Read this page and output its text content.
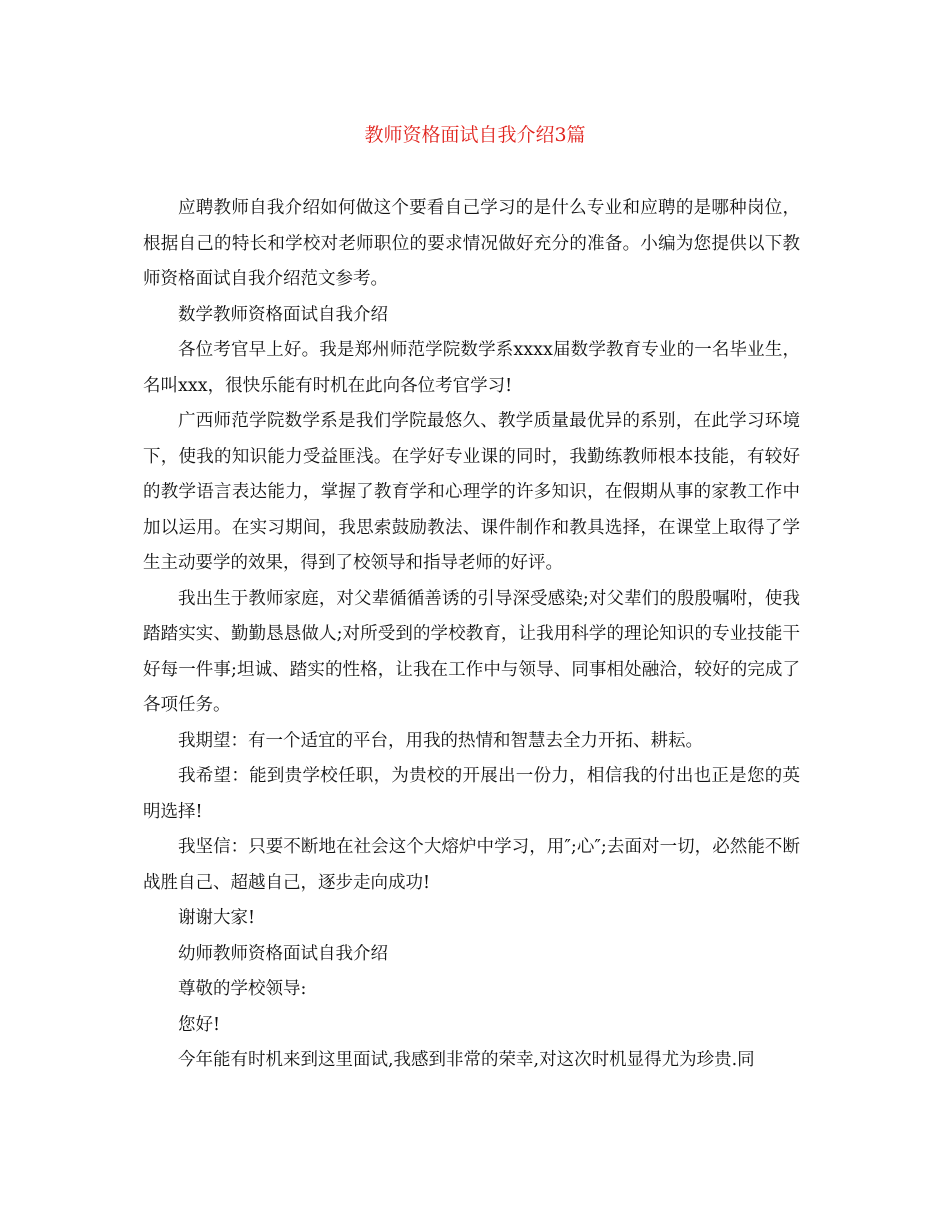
教师资格面试自我介绍3篇

应聘教师自我介绍如何做这个要看自己学习的是什么专业和应聘的是哪种岗位，根据自己的特长和学校对老师职位的要求情况做好充分的准备。小编为您提供以下教师资格面试自我介绍范文参考。

数学教师资格面试自我介绍

各位考官早上好。我是郑州师范学院数学系xxxx届数学教育专业的一名毕业生，名叫xxx，很快乐能有时机在此向各位考官学习!

广西师范学院数学系是我们学院最悠久、教学质量最优异的系别，在此学习环境下，使我的知识能力受益匪浅。在学好专业课的同时，我勤练教师根本技能，有较好的教学语言表达能力，掌握了教育学和心理学的许多知识，在假期从事的家教工作中加以运用。在实习期间，我思索鼓励教法、课件制作和教具选择，在课堂上取得了学生主动要学的效果，得到了校领导和指导老师的好评。

我出生于教师家庭，对父辈循循善诱的引导深受感染;对父辈们的殷殷嘱咐，使我踏踏实实、勤勤恳恳做人;对所受到的学校教育，让我用科学的理论知识的专业技能干好每一件事;坦诚、踏实的性格，让我在工作中与领导、同事相处融洽，较好的完成了各项任务。

我期望：有一个适宜的平台，用我的热情和智慧去全力开拓、耕耘。

我希望：能到贵学校任职，为贵校的开展出一份力，相信我的付出也正是您的英明选择!

我坚信：只要不断地在社会这个大熔炉中学习，用″;心″;去面对一切，必然能不断战胜自己、超越自己，逐步走向成功!

谢谢大家!

幼师教师资格面试自我介绍

尊敬的学校领导:

您好!

今年能有时机来到这里面试,我感到非常的荣幸,对这次时机显得尤为珍贵.同
